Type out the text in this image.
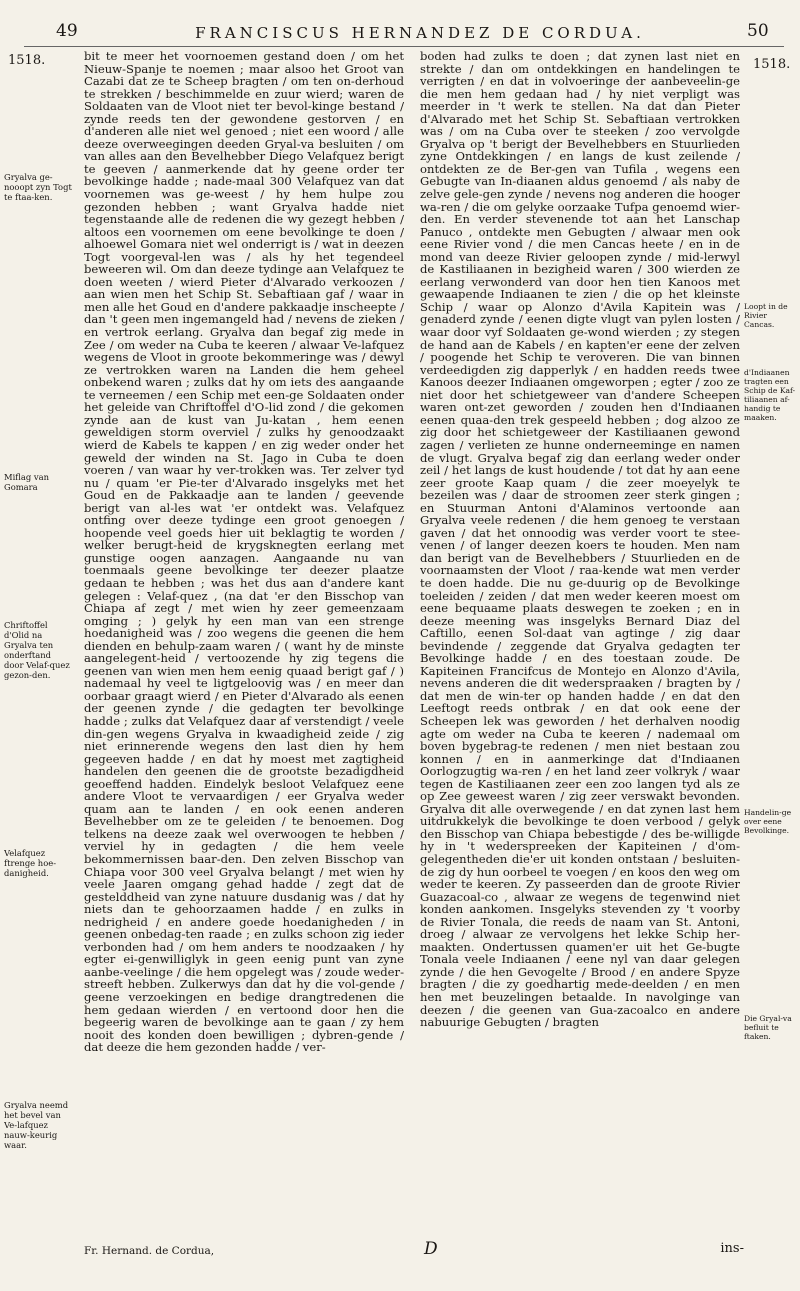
49	FRANCISCUS HERNANDEZ DE CORDUA.	50
1518.	1518.
Gryalva ge-nooopt zyn Togt te ftaa-ken.
Miflag van Gomara
Chriftoffel d'Olid na Gryalva ten onderftand door Velaf-quez gezon-den.
Velafquez ftrenge hoe-danigheid.
Gryalva neemd het bevel van Ve-lafquez nauw-keurig waar.
Loopt in de Rivier Cancas.
d'Indiaanen tragten een Schip de Kaf-tiliaanen af-handig te maaken.
Handelin-ge over eene Bevolkinge.
Die Gryal-va befluit te ftaken.

bit te meer het voornoemen gestand doen / om het Nieuw-Spanje te noemen ; maar alsoo het Groot van Cazabi dat ze te Scheep bragten / om ten on-derhoud te strekken / beschimmelde en zuur wierd; waren de Soldaaten van de Vloot niet ter bevol-kinge bestand / zynde reeds ten der gewondene gestorven / en d'anderen alle niet wel genoed ; niet een woord / alle deeze overweegingen deeden Gryal-va besluiten / om van alles aan den Bevelhebber Diego Velafquez berigt te geeven / aanmerkende dat hy geene order ter bevolkinge hadde ; nade-maal 300 Velafquez van dat voornemen was ge-weest / hy hem hulpe zou gezonden hebben ; want Gryalva hadde niet tegenstaande alle de redenen die wy gezegt hebben / altoos een voornemen om eene bevolkinge te doen / alhoewel Gomara niet wel onderrigt is / wat in deezen Togt voorgeval-len was / als hy het tegendeel beweeren wil. Om dan deeze tydinge aan Velafquez te doen weeten / wierd Pieter d'Alvarado verkoozen / aan wien men het Schip St. Sebaftiaan gaf / waar in men alle het Goud en d'andere pakkaadje inscheepte / dan 't geen men ingemangeld had / nevens de zieken / en vertrok eerlang. Gryalva dan begaf zig mede in Zee / om weder na Cuba te keeren / alwaar Ve-lafquez wegens de Vloot in groote bekommeringe was / dewyl ze vertrokken waren na Landen die hem geheel onbekend waren ; zulks dat hy om iets des aangaande te verneemen / een Schip met een-ge Soldaaten onder het geleide van Chriftoffel d'O-lid zond / die gekomen zynde aan de kust van Ju-katan , hem eenen geweldigen storm overviel / zulks hy genoodzaakt wierd de Kabels te kappen / en zig weder onder het geweld der winden na St. Jago in Cuba te doen voeren / van waar hy ver-trokken was. Ter zelver tyd nu / quam 'er Pie-ter d'Alvarado insgelyks met het Goud en de Pakkaadje aan te landen / geevende berigt van al-les wat 'er ontdekt was. Velafquez ontfing over deeze tydinge een groot genoegen / hoopende veel goeds hier uit beklagtig te worden / welker berugt-heid de krygsknegten eerlang met gunstige oogen aanzagen. Aangaande nu van toenmaals geene bevolkinge ter deezer plaatze gedaan te hebben ; was het dus aan d'andere kant gelegen : Velaf-quez , (na dat 'er den Bisschop van Chiapa af zegt / met wien hy zeer gemeenzaam omging ; ) gelyk hy een man van een strenge hoedanigheid was / zoo wegens die geenen die hem dienden en behulp-zaam waren / ( want hy de minste aangelegent-heid / vertoozende hy zig tegens die geenen van wien men hem eenig quaad berigt gaf / ) nademaal hy veel te ligtgeloovig was / en meer dan oorbaar graagt wierd / en Pieter d'Alvarado als eenen der geenen zynde / die gedagten ter bevolkinge hadde ; zulks dat Velafquez daar af verstendigt / veele din-gen wegens Gryalva in kwaadigheid zeide / zig niet erinnerende wegens den last dien hy hem gegeeven hadde / en dat hy moest met zagtigheid handelen den geenen die de grootste bezadigdheid geoeffend hadden. Eindelyk besloot Velafquez eene andere Vloot te vervaardigen / eer Gryalva weder quam aan te landen / en ook eenen anderen Bevelhebber om ze te geleiden / te benoemen. Dog telkens na deeze zaak wel overwoogen te hebben / verviel hy in gedagten / die hem veele bekommernissen baar-den. Den zelven Bisschop van Chiapa voor 300 veel Gryalva belangt / met wien hy veele Jaaren omgang gehad hadde / zegt dat de gestelddheid van zyne natuure dusdanig was / dat hy niets dan te gehoorzaamen hadde / en zulks in nedrigheid / en andere goede hoedanigheden / in geenen onbedag-ten raade ; en zulks schoon zig ieder verbonden had / om hem anders te noodzaaken / hy egter ei-genwilliglyk in geen eenig punt van zyne aanbe-veelinge / die hem opgelegt was / zoude weder-streeft hebben. Zulkerwys dan dat hy die vol-gende / geene verzoekingen en bedige drangtredenen die hem gedaan wierden / en vertoond door hen die begeerig waren de bevolkinge aan te gaan / zy hem nooit des konden doen bewilligen ; dybren-gende / dat deeze die hem gezonden hadde / ver-

boden had zulks te doen ; dat zynen last niet en strekte / dan om ontdekkingen en handelingen te verrigten / en dat in volvoeringe der aanbeveelin-ge die men hem gedaan had / hy niet verpligt was meerder in 't werk te stellen. Na dat dan Pieter d'Alvarado met het Schip St. Sebaftiaan vertrokken was / om na Cuba over te steeken / zoo vervolgde Gryalva op 't berigt der Bevelhebbers en Stuurlieden zyne Ontdekkingen / en langs de kust zeilende / ontdekten ze de Ber-gen van Tufila , wegens een Gebugte van In-diaanen aldus genoemd / als naby de zelve gele-gen zynde / nevens nog anderen die hooger wa-ren / die om gelyke oorzaake Tufpa genoemd wier-den. En verder stevenende tot aan het Lanschap Panuco , ontdekte men Gebugten / alwaar men ook eene Rivier vond / die men Cancas heete / en in de mond van deeze Rivier geloopen zynde / mid-lerwyl de Kastiliaanen in bezigheid waren / 300 wierden ze eerlang verwonderd van door hen tien Kanoos met gewaapende Indiaanen te zien / die op het kleinste Schip / waar op Alonzo d'Avila Kapitein was / genaderd zynde / eenen digte vlugt van pylen losten / waar door vyf Soldaaten ge-wond wierden ; zy stegen de hand aan de Kabels / en kapten'er eene der zelven / poogende het Schip te veroveren. Die van binnen verdeedigden zig dapperlyk / en hadden reeds twee Kanoos deezer Indiaanen omgeworpen ; egter / zoo ze niet door het schietgeweer van d'andere Scheepen waren ont-zet geworden / zouden hen d'Indiaanen eenen quaa-den trek gespeeld hebben ; dog alzoo ze zig door het schietgeweer der Kastiliaanen gewond zagen / verlieten ze hunne onderneeminge en namen de vlugt. Gryalva begaf zig dan eerlang weder onder zeil / het langs de kust houdende / tot dat hy aan eene zeer groote Kaap quam / die zeer moeyelyk te bezeilen was / daar de stroomen zeer sterk gingen ; en Stuurman Antoni d'Alaminos vertoonde aan Gryalva veele redenen / die hem genoeg te verstaan gaven / dat het onnoodig was verder voort te stee-venen / of langer deezen koers te houden. Men nam dan berigt van de Bevelhebbers / Stuurlieden en de voornaamsten der Vloot / raa-kende wat men verder te doen hadde. Die nu ge-duurig op de Bevolkinge toeleiden / zeiden / dat men weder keeren moest om eene bequaame plaats deswegen te zoeken ; en in deeze meening was insgelyks Bernard Diaz del Caftillo, eenen Sol-daat van agtinge / zig daar bevindende / zeggende dat Gryalva gedagten ter Bevolkinge hadde / en des toestaan zoude. De Kapiteinen Francifcus de Montejo en Alonzo d'Avila, nevens anderen die dit wederspraaken / bragten by / dat men de win-ter op handen hadde / en dat den Leeftogt reeds ontbrak / en dat ook eene der Scheepen lek was geworden / het derhalven noodig agte om weder na Cuba te keeren / nademaal om boven bygebrag-te redenen / men niet bestaan zou konnen / en in aanmerkinge dat d'Indiaanen Oorlogzugtig wa-ren / en het land zeer volkryk / waar tegen de Kastiliaanen zeer een zoo langen tyd als ze op Zee geweest waren / zig zeer verswakt bevonden. Gryalva dit alle overwegende / en dat zynen last hem uitdrukkelyk die bevolkinge te doen verbood / gelyk den Bisschop van Chiapa bebestigde / des be-willigde hy in 't wederspreeken der Kapiteinen / d'om-gelegentheden die'er uit konden ontstaan / besluiten-de zig dy hun oorbeel te voegen / en koos den weg om weder te keeren. Zy passeerden dan de groote Rivier Guazacoal-co , alwaar ze wegens de tegenwind niet konden aankomen. Insgelyks stevenden zy 't voorby de Rivier Tonala, die reeds de naam van St. Antoni, droeg / alwaar ze vervolgens het lekke Schip her-maakten. Ondertussen quamen'er uit het Ge-bugte Tonala veele Indiaanen / eene nyl van daar gelegen zynde / die hen Gevogelte / Brood / en andere Spyze bragten / die zy goedhartig mede-deelden / en men hen met beuzelingen betaalde. In navolginge van deezen / die geenen van Gua-zacoalco en andere nabuurige Gebugten / bragten

Fr. Hernand. de Cordua,	D	ins-
